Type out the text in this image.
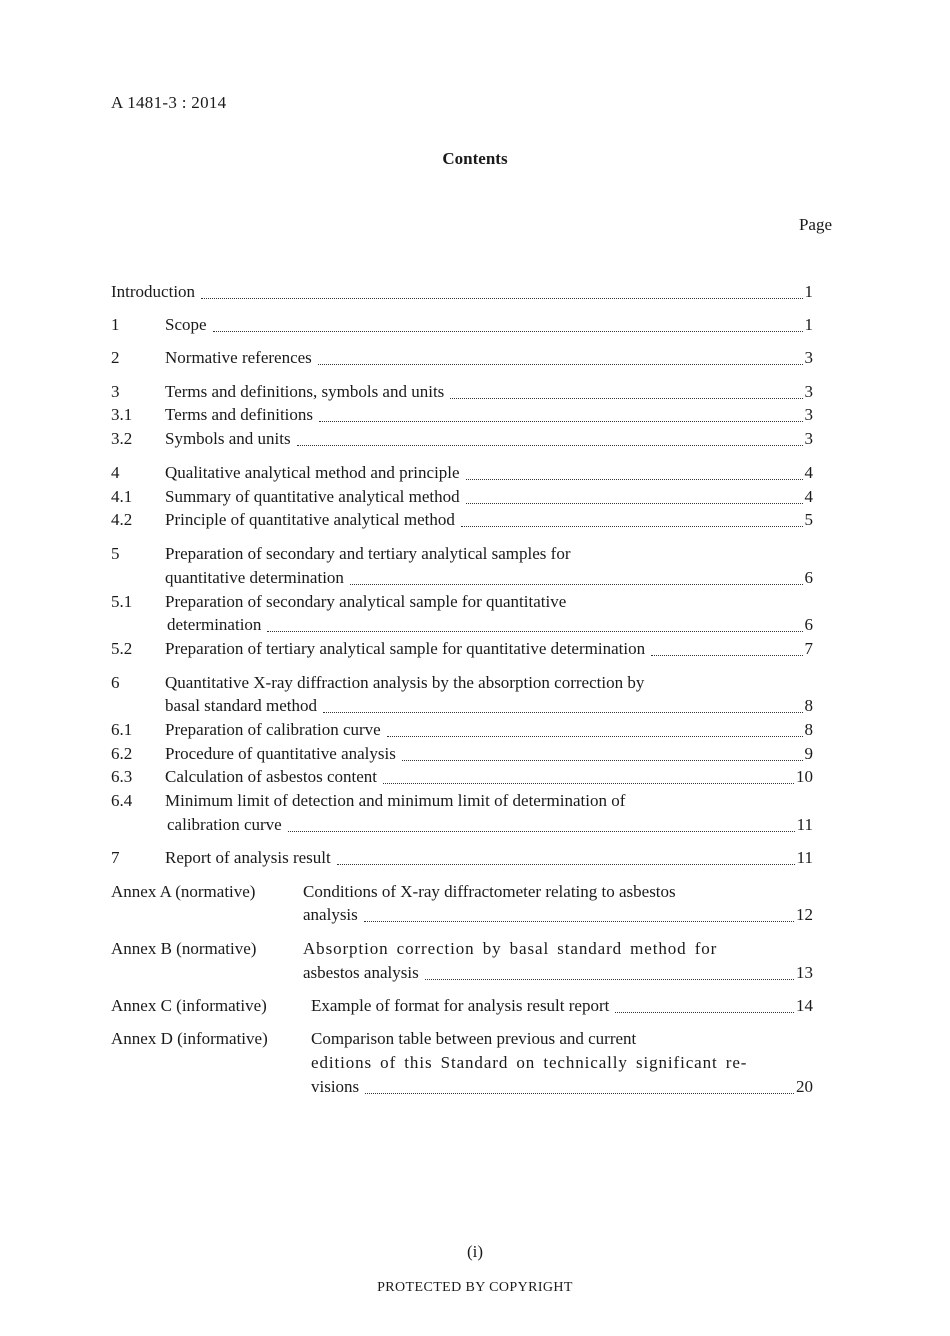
A 1481-3 : 2014
Contents
Page
Introduction	1
1	Scope	1
2	Normative references	3
3	Terms and definitions, symbols and units	3
3.1 Terms and definitions	3
3.2 Symbols and units	3
4	Qualitative analytical method and principle	4
4.1 Summary of quantitative analytical method	4
4.2 Principle of quantitative analytical method	5
5	Preparation of secondary and tertiary analytical samples for
quantitative determination	6
5.1 Preparation of secondary analytical sample for quantitative
determination	6
5.2 Preparation of tertiary analytical sample for quantitative determination	7
6	Quantitative X-ray diffraction analysis by the absorption correction by
basal standard method	8
6.1 Preparation of calibration curve	8
6.2 Procedure of quantitative analysis	9
6.3 Calculation of asbestos content	10
6.4 Minimum limit of detection and minimum limit of determination of
calibration curve	11
7	Report of analysis result	11
Annex A (normative)	Conditions of X-ray diffractometer relating to asbestos
analysis	12
Annex B (normative)	Absorption correction by basal standard method for
asbestos analysis	13
Annex C (informative)	Example of format for analysis result report	14
Annex D (informative)	Comparison table between previous and current
editions of this Standard on technically significant re-
visions	20
(i)
PROTECTED BY COPYRIGHT
